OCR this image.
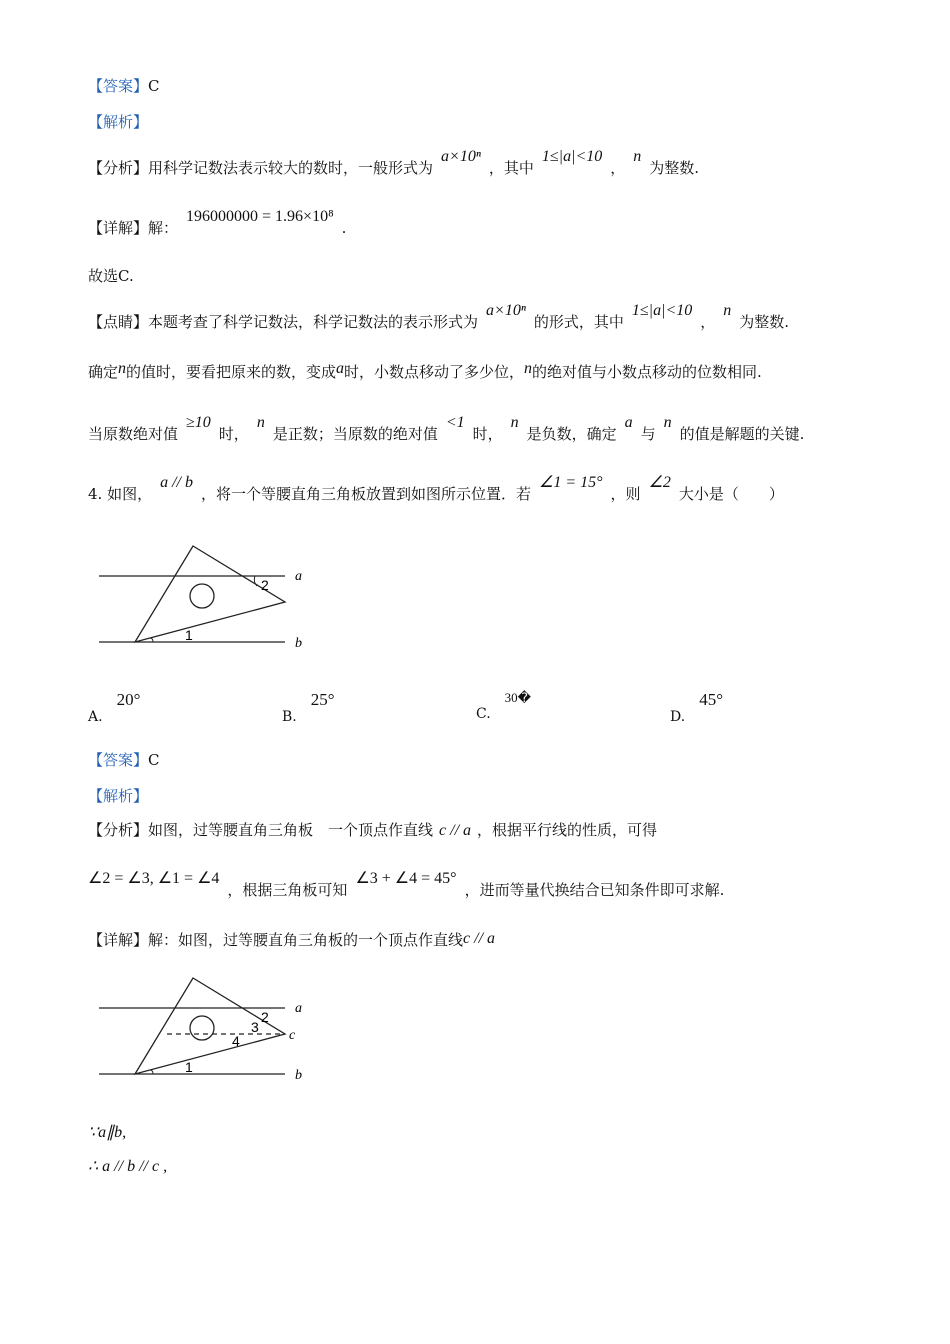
【答案】C
【解析】
【分析】用科学记数法表示较大的数时，一般形式为a×10ⁿ，其中1≤|a|<10，n为整数.
【详解】解：196000000 = 1.96×10⁸.
故选C.
【点睛】本题考查了科学记数法，科学记数法的表示形式为a×10ⁿ的形式，其中1≤|a|<10，n为整数.
确定n的值时，要看把原来的数，变成a时，小数点移动了多少位，n的绝对值与小数点移动的位数相同.
当原数绝对值≥10时，n是正数；当原数的绝对值<1时，n是负数，确定a与n的值是解题的关键.
4. 如图，a // b，将一个等腰直角三角板放置到如图所示位置．若∠1 = 15°，则∠2大小是（　　）
a
b
2
1
A.20°
B.25°
C.30�
D.45°
【答案】C
【解析】
【分析】如图，过等腰直角三角板　一个顶点作直线 c // a ，根据平行线的性质，可得
∠2 = ∠3, ∠1 = ∠4，根据三角板可知∠3 + ∠4 = 45°，进而等量代换结合已知条件即可求解.
【详解】解：如图，过等腰直角三角板的一个顶点作直线c // a
a
b
c
2
3
4
1
∵a∥b,
∴ a // b // c ,
